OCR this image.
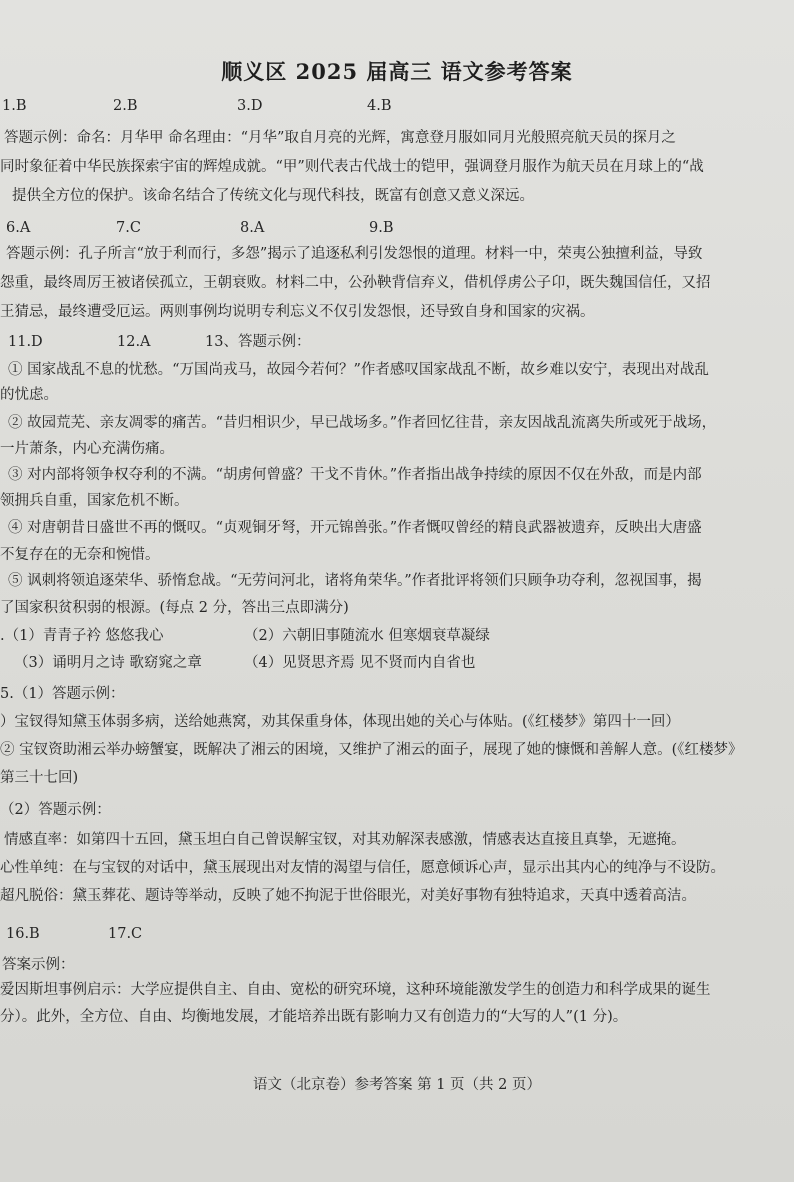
顺义区 2025 届高三 语文参考答案
1.B	2.B	3.D	4.B
答题示例：命名：月华甲 命名理由：“月华”取自月亮的光辉，寓意登月服如同月光般照亮航天员的探月之
同时象征着中华民族探索宇宙的辉煌成就。“甲”则代表古代战士的铠甲，强调登月服作为航天员在月球上的“战
提供全方位的保护。该命名结合了传统文化与现代科技，既富有创意又意义深远。
6.A	7.C	8.A	9.B
答题示例：孔子所言“放于利而行，多怨”揭示了追逐私利引发怨恨的道理。材料一中，荣夷公独擅利益，导致
怨重，最终周厉王被诸侯孤立，王朝衰败。材料二中，公孙鞅背信弃义，借机俘虏公子卬，既失魏国信任，又招
王猜忌，最终遭受厄运。两则事例均说明专利忘义不仅引发怨恨，还导致自身和国家的灾祸。
11.D	12.A	13、答题示例：
① 国家战乱不息的忧愁。“万国尚戎马，故园今若何？”作者感叹国家战乱不断，故乡难以安宁，表现出对战乱
的忧虑。
② 故园荒芜、亲友凋零的痛苦。“昔归相识少，早已战场多。”作者回忆往昔，亲友因战乱流离失所或死于战场，
一片萧条，内心充满伤痛。
③ 对内部将领争权夺利的不满。“胡虏何曾盛？干戈不肯休。”作者指出战争持续的原因不仅在外敌，而是内部
领拥兵自重，国家危机不断。
④ 对唐朝昔日盛世不再的慨叹。“贞观铜牙弩，开元锦兽张。”作者慨叹曾经的精良武器被遗弃，反映出大唐盛
不复存在的无奈和惋惜。
⑤ 讽刺将领追逐荣华、骄惰怠战。“无劳问河北，诸将角荣华。”作者批评将领们只顾争功夺利，忽视国事，揭
了国家积贫积弱的根源。(每点 2 分，答出三点即满分)
.（1）青青子衿 悠悠我心	（2）六朝旧事随流水 但寒烟衰草凝绿
（3）诵明月之诗 歌窈窕之章	（4）见贤思齐焉 见不贤而内自省也
5.（1）答题示例：
）宝钗得知黛玉体弱多病，送给她燕窝，劝其保重身体，体现出她的关心与体贴。(《红楼梦》第四十一回）
② 宝钗资助湘云举办螃蟹宴，既解决了湘云的困境，又维护了湘云的面子，展现了她的慷慨和善解人意。(《红楼梦》
第三十七回)
（2）答题示例：
情感直率：如第四十五回，黛玉坦白自己曾误解宝钗，对其劝解深表感激，情感表达直接且真挚，无遮掩。
心性单纯：在与宝钗的对话中，黛玉展现出对友情的渴望与信任，愿意倾诉心声，显示出其内心的纯净与不设防。
超凡脱俗：黛玉葬花、题诗等举动，反映了她不拘泥于世俗眼光，对美好事物有独特追求，天真中透着高洁。
16.B	17.C
答案示例：
爱因斯坦事例启示：大学应提供自主、自由、宽松的研究环境，这种环境能激发学生的创造力和科学成果的诞生
分）。此外，全方位、自由、均衡地发展，才能培养出既有影响力又有创造力的“大写的人”(1 分)。
语文（北京卷）参考答案 第 1 页（共 2 页）
